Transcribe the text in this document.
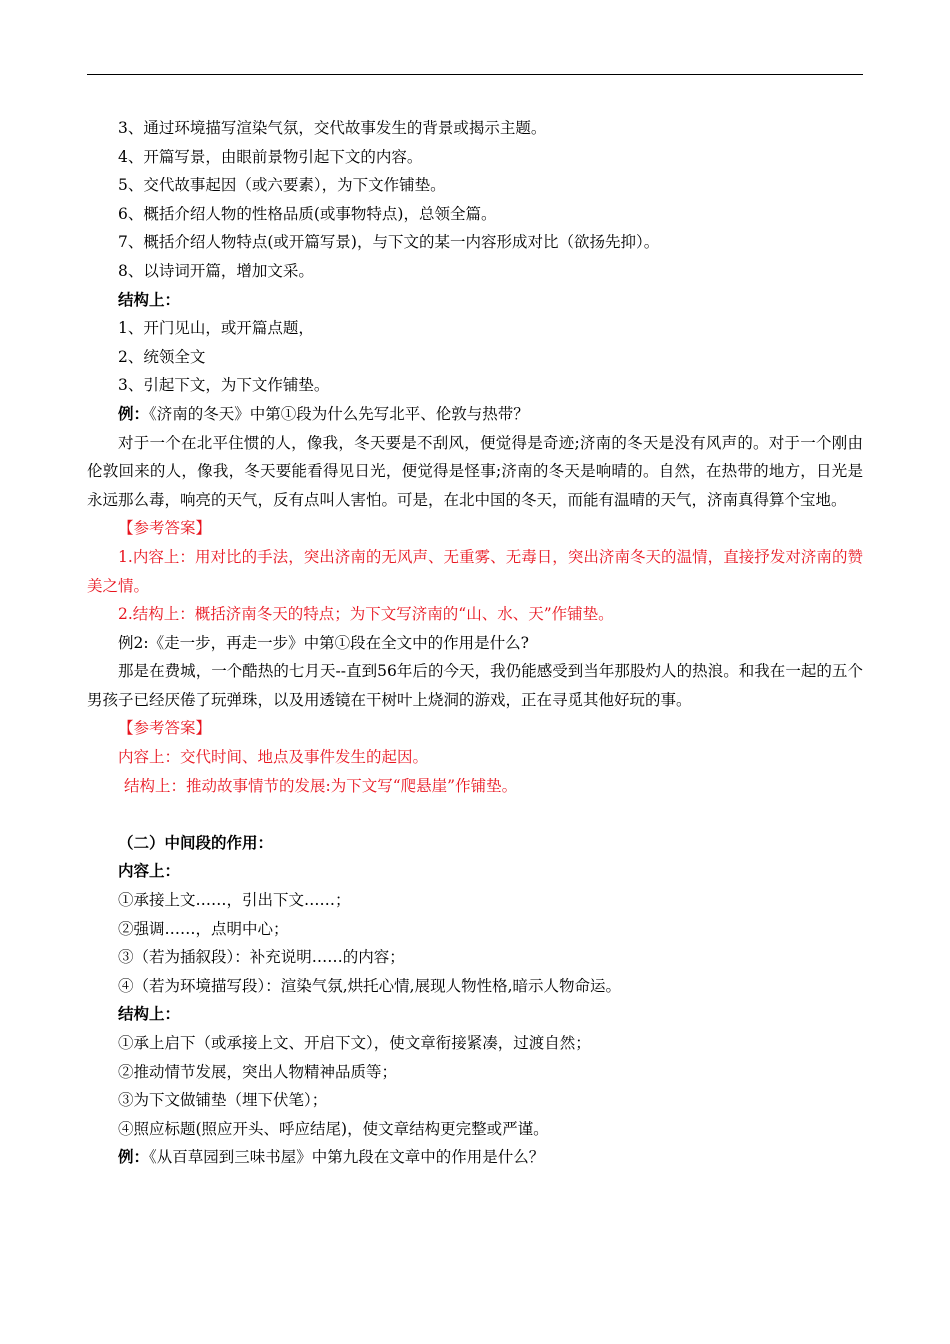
3、通过环境描写渲染气氛，交代故事发生的背景或揭示主题。
4、开篇写景，由眼前景物引起下文的内容。
5、交代故事起因（或六要素），为下文作铺垫。
6、概括介绍人物的性格品质(或事物特点)，总领全篇。
7、概括介绍人物特点(或开篇写景)，与下文的某一内容形成对比（欲扬先抑）。
8、以诗词开篇，增加文采。
结构上：
1、开门见山，或开篇点题，
2、统领全文
3、引起下文，为下文作铺垫。
例：《济南的冬天》中第①段为什么先写北平、伦敦与热带？

对于一个在北平住惯的人，像我，冬天要是不刮风，便觉得是奇迹;济南的冬天是没有风声的。对于一个刚由伦敦回来的人，像我，冬天要能看得见日光，便觉得是怪事;济南的冬天是响晴的。自然，在热带的地方，日光是永远那么毒，响亮的天气，反有点叫人害怕。可是，在北中国的冬天，而能有温晴的天气，济南真得算个宝地。

【参考答案】

1.内容上：用对比的手法，突出济南的无风声、无重雾、无毒日，突出济南冬天的温情，直接抒发对济南的赞美之情。

2.结构上：概括济南冬天的特点；为下文写济南的“山、水、天”作铺垫。

例2:《走一步，再走一步》中第①段在全文中的作用是什么?

那是在费城，一个酷热的七月天--直到56年后的今天，我仍能感受到当年那股灼人的热浪。和我在一起的五个男孩子已经厌倦了玩弹珠，以及用透镜在干树叶上烧洞的游戏，正在寻觅其他好玩的事。

【参考答案】
内容上：交代时间、地点及事件发生的起因。
结构上：推动故事情节的发展:为下文写“爬悬崖”作铺垫。
（二）中间段的作用：
内容上：
①承接上文……，引出下文……；
②强调……，点明中心；
③（若为插叙段）：补充说明……的内容；
④（若为环境描写段）：渲染气氛,烘托心情,展现人物性格,暗示人物命运。
结构上：
①承上启下（或承接上文、开启下文），使文章衔接紧凑，过渡自然；
②推动情节发展，突出人物精神品质等；
③为下文做铺垫（埋下伏笔）；
④照应标题(照应开头、呼应结尾)，使文章结构更完整或严谨。
例：《从百草园到三味书屋》中第九段在文章中的作用是什么？
